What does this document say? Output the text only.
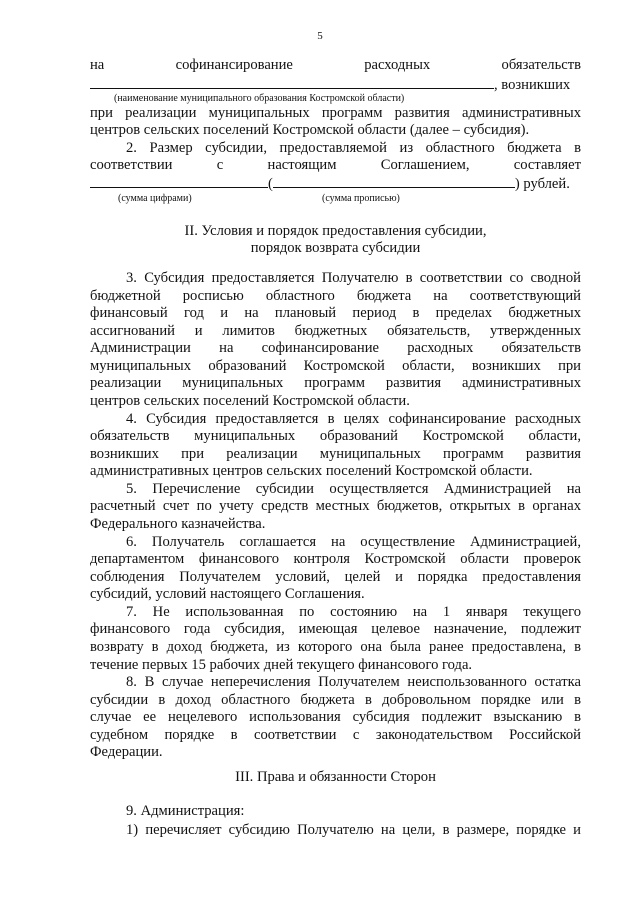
5
на софинансирование расходных обязательств
, возникших
(наименование муниципального образования Костромской области)
при реализации муниципальных программ развития административных
центров сельских поселений Костромской области (далее – субсидия).
2. Размер субсидии, предоставляемой из областного бюджета в
соответствии с настоящим Соглашением, составляет
(	) рублей.
(сумма цифрами)	(сумма прописью)
II. Условия и порядок предоставления субсидии,
порядок возврата субсидии
3. Субсидия предоставляется Получателю в соответствии со сводной
бюджетной росписью областного бюджета на соответствующий
финансовый год и на плановый период в пределах бюджетных
ассигнований и лимитов бюджетных обязательств, утвержденных
Администрации на софинансирование расходных обязательств
муниципальных образований Костромской области, возникших при
реализации муниципальных программ развития административных
центров сельских поселений Костромской области.
4. Субсидия предоставляется в целях софинансирование расходных
обязательств муниципальных образований Костромской области,
возникших при реализации муниципальных программ развития
административных центров сельских поселений Костромской области.
5. Перечисление субсидии осуществляется Администрацией на
расчетный счет по учету средств местных бюджетов, открытых в органах
Федерального казначейства.
6. Получатель соглашается на осуществление Администрацией,
департаментом финансового контроля Костромской области проверок
соблюдения Получателем условий, целей и порядка предоставления
субсидий, условий настоящего Соглашения.
7. Не использованная по состоянию на 1 января текущего
финансового года субсидия, имеющая целевое назначение, подлежит
возврату в доход бюджета, из которого она была ранее предоставлена, в
течение первых 15 рабочих дней текущего финансового года.
8. В случае неперечисления Получателем неиспользованного остатка
субсидии в доход областного бюджета в добровольном порядке или в
случае ее нецелевого использования субсидия подлежит взысканию в
судебном порядке в соответствии с законодательством Российской
Федерации.
III. Права и обязанности Сторон
9. Администрация:
1) перечисляет субсидию Получателю на цели, в размере, порядке и
